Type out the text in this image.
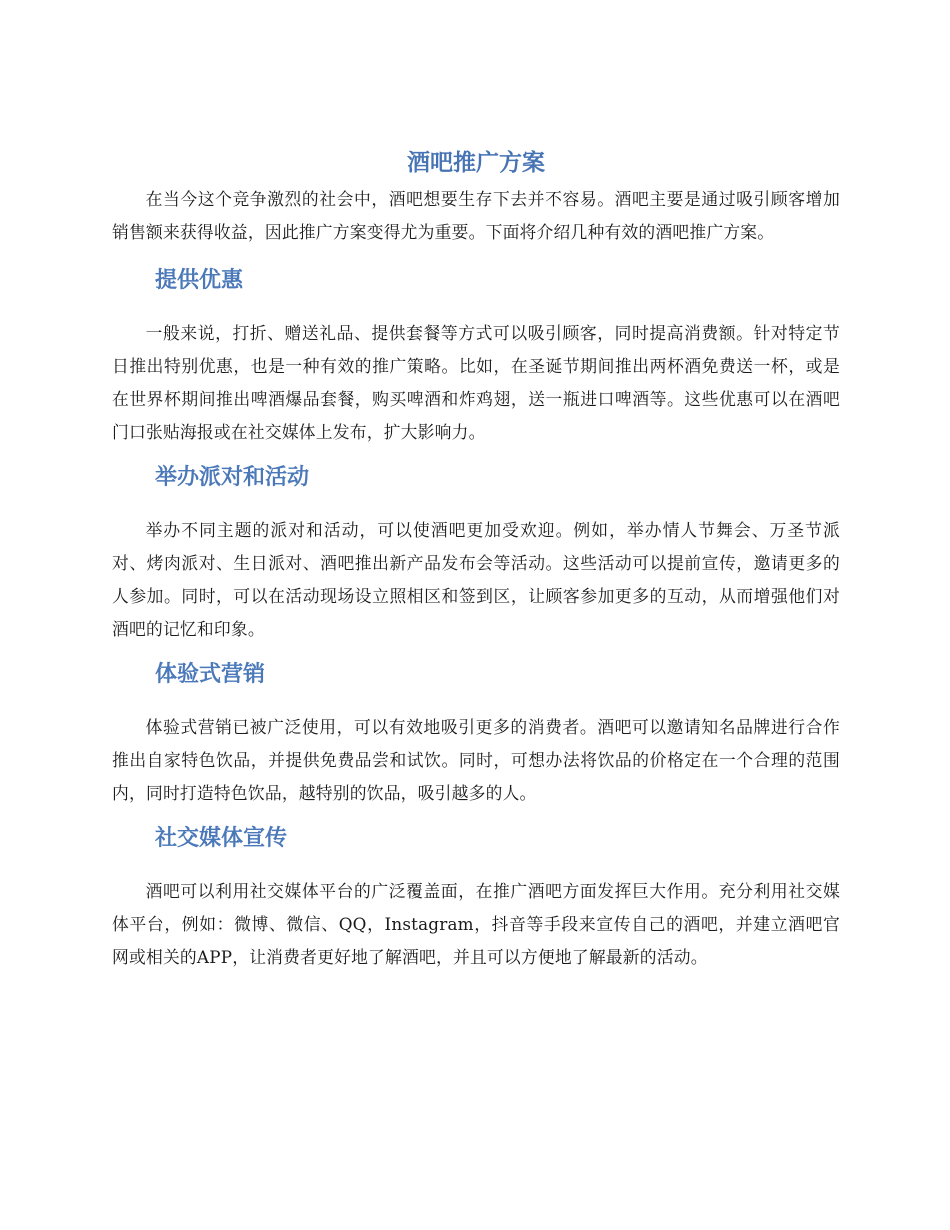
酒吧推广方案

在当今这个竞争激烈的社会中，酒吧想要生存下去并不容易。酒吧主要是通过吸引顾客增加销售额来获得收益，因此推广方案变得尤为重要。下面将介绍几种有效的酒吧推广方案。

提供优惠

一般来说，打折、赠送礼品、提供套餐等方式可以吸引顾客，同时提高消费额。针对特定节日推出特别优惠，也是一种有效的推广策略。比如，在圣诞节期间推出两杯酒免费送一杯，或是在世界杯期间推出啤酒爆品套餐，购买啤酒和炸鸡翅，送一瓶进口啤酒等。这些优惠可以在酒吧门口张贴海报或在社交媒体上发布，扩大影响力。

举办派对和活动

举办不同主题的派对和活动，可以使酒吧更加受欢迎。例如，举办情人节舞会、万圣节派对、烤肉派对、生日派对、酒吧推出新产品发布会等活动。这些活动可以提前宣传，邀请更多的人参加。同时，可以在活动现场设立照相区和签到区，让顾客参加更多的互动，从而增强他们对酒吧的记忆和印象。

体验式营销

体验式营销已被广泛使用，可以有效地吸引更多的消费者。酒吧可以邀请知名品牌进行合作推出自家特色饮品，并提供免费品尝和试饮。同时，可想办法将饮品的价格定在一个合理的范围内，同时打造特色饮品，越特别的饮品，吸引越多的人。

社交媒体宣传

酒吧可以利用社交媒体平台的广泛覆盖面，在推广酒吧方面发挥巨大作用。充分利用社交媒体平台，例如：微博、微信、QQ，Instagram，抖音等手段来宣传自己的酒吧，并建立酒吧官网或相关的APP，让消费者更好地了解酒吧，并且可以方便地了解最新的活动。
